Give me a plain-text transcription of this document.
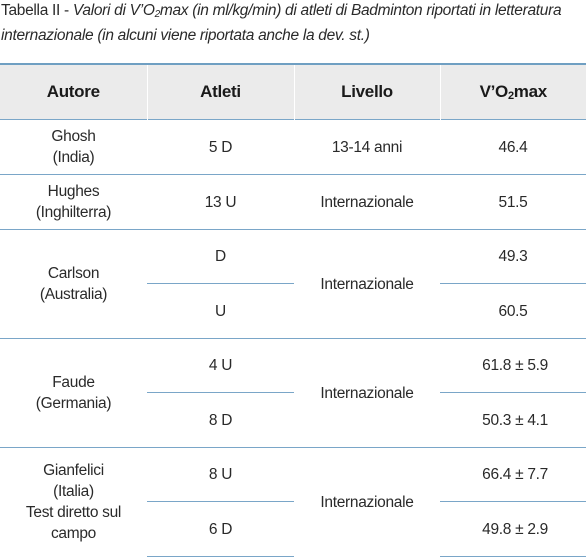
Tabella II - Valori di $V’O_2\max$ (in ml/kg/min) di atleti di Badminton riportati in letteratura internazionale (in alcuni viene riportata anche la dev. st.)
Autore	Atleti	Livello	$V’O_2\max$

Ghosh
(India)	5 D	13-14 anni	46.4

Hughes
(Inghilterra)	13 U	Internazionale	51.5

Carlson
(Australia)	D	Internazionale	49.3
	U		60.5

Faude
(Germania)	4 U	Internazionale	61.8 ± 5.9
	8 D		50.3 ± 4.1

Gianfelici
(Italia)
Test diretto sul
campo	8 U	Internazionale	66.4 ± 7.7
	6 D		49.8 ± 2.9
